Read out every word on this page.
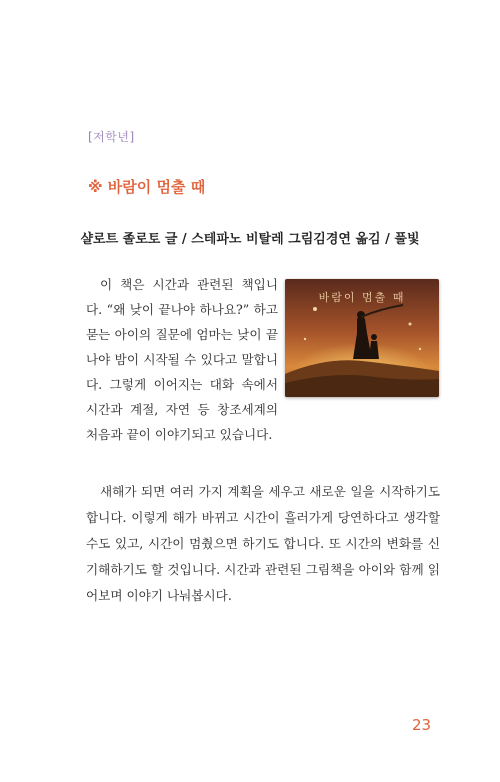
[저학년]
※ 바람이 멈출 때
샬로트 졸로토 글 / 스테파노 비탈레 그림김경연 옮김 / 풀빛

이 책은 시간과 관련된 책입니다. “왜 낮이 끝나야 하나요?” 하고 묻는 아이의 질문에 엄마는 낮이 끝나야 밤이 시작될 수 있다고 말합니다. 그렇게 이어지는 대화 속에서 시간과 계절, 자연 등 창조세계의 처음과 끝이 이야기되고 있습니다.

바람이 멈출 때

새해가 되면 여러 가지 계획을 세우고 새로운 일을 시작하기도 합니다. 이렇게 해가 바뀌고 시간이 흘러가게 당연하다고 생각할 수도 있고, 시간이 멈췄으면 하기도 합니다. 또 시간의 변화를 신기해하기도 할 것입니다. 시간과 관련된 그림책을 아이와 함께 읽어보며 이야기 나눠봅시다.

23
